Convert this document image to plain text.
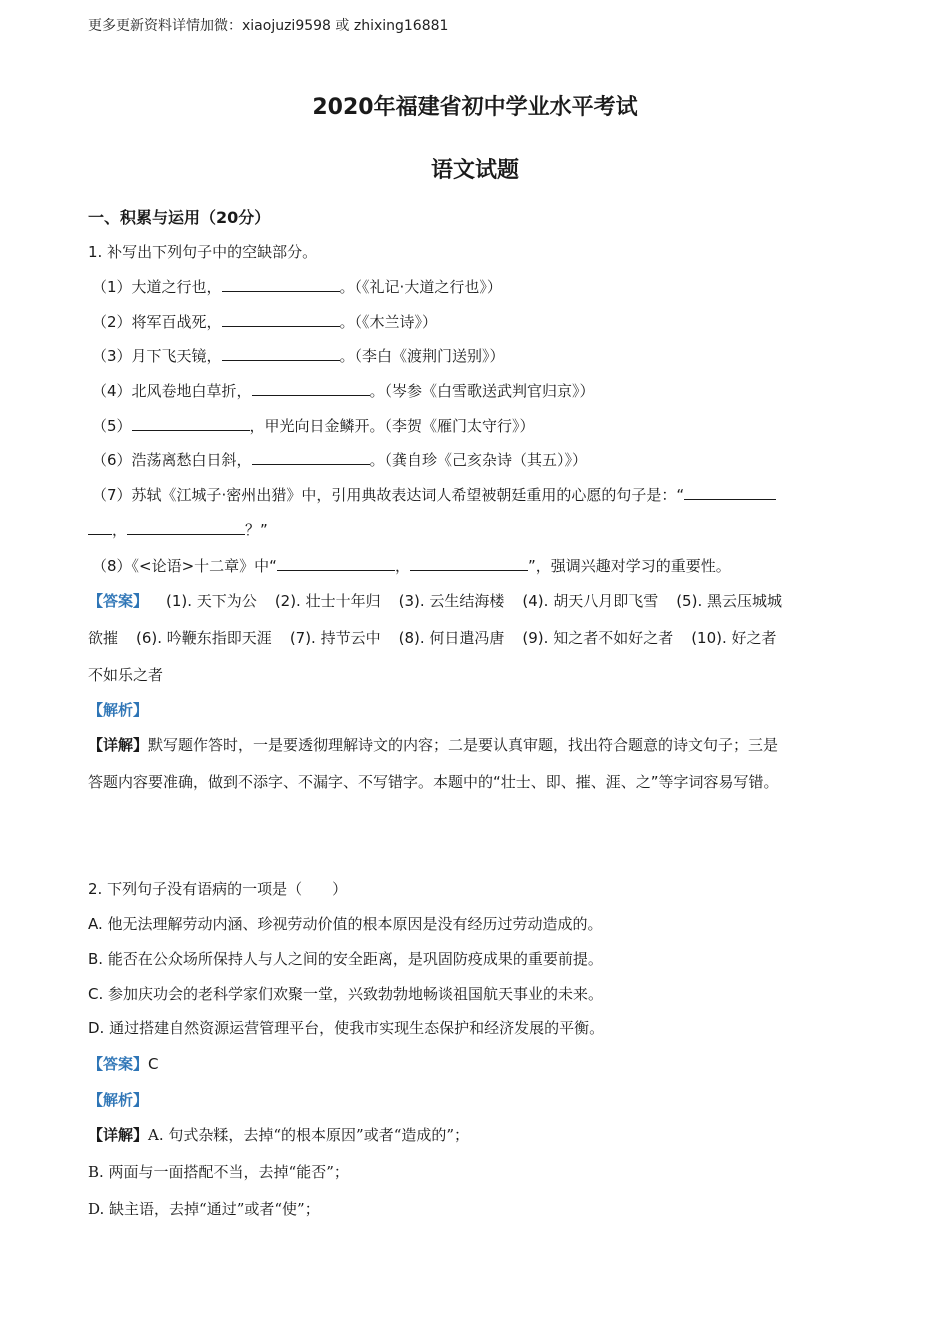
更多更新资料详情加微：xiaojuzi9598 或 zhixing16881
2020年福建省初中学业水平考试
语文试题
一、积累与运用（20分）
1. 补写出下列句子中的空缺部分。
（1）大道之行也，	。（《礼记·大道之行也》）
（2）将军百战死，	。（《木兰诗》）
（3）月下飞天镜，	。（李白《渡荆门送别》）
（4）北风卷地白草折，	。（岑参《白雪歌送武判官归京》）
（5）	，甲光向日金鳞开。（李贺《雁门太守行》）
（6）浩荡离愁白日斜，	。（龚自珍《己亥杂诗（其五）》）
（7）苏轼《江城子·密州出猎》中，引用典故表达词人希望被朝廷重用的心愿的句子是：“
，	？”
（8）《<论语>十二章》中“	，	”，强调兴趣对学习的重要性。
【答案】 (1). 天下为公 (2). 壮士十年归 (3). 云生结海楼 (4). 胡天八月即飞雪 (5). 黑云压城城
欲摧 (6). 吟鞭东指即天涯 (7). 持节云中 (8). 何日遣冯唐 (9). 知之者不如好之者 (10). 好之者
不如乐之者
【解析】
【详解】默写题作答时，一是要透彻理解诗文的内容；二是要认真审题，找出符合题意的诗文句子；三是
答题内容要准确，做到不添字、不漏字、不写错字。本题中的“壮士、即、摧、涯、之”等字词容易写错。
2. 下列句子没有语病的一项是（　　）
A. 他无法理解劳动内涵、珍视劳动价值的根本原因是没有经历过劳动造成的。
B. 能否在公众场所保持人与人之间的安全距离，是巩固防疫成果的重要前提。
C. 参加庆功会的老科学家们欢聚一堂，兴致勃勃地畅谈祖国航天事业的未来。
D. 通过搭建自然资源运营管理平台，使我市实现生态保护和经济发展的平衡。
【答案】C
【解析】
【详解】A. 句式杂糅，去掉“的根本原因”或者“造成的”；
B. 两面与一面搭配不当，去掉“能否”；
D. 缺主语，去掉“通过”或者“使”；
